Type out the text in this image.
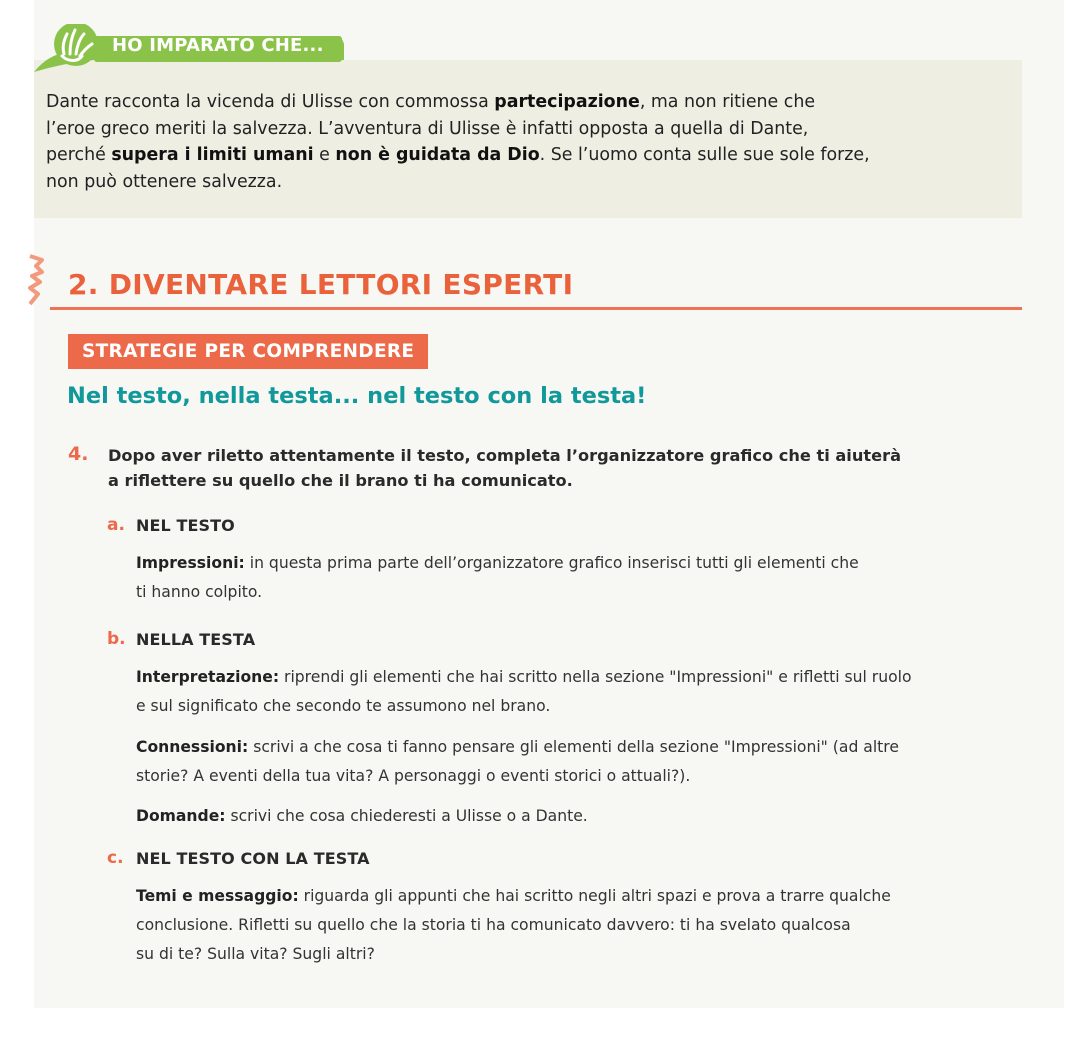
HO IMPARATO CHE...
Dante racconta la vicenda di Ulisse con commossa partecipazione, ma non ritiene che
l’eroe greco meriti la salvezza. L’avventura di Ulisse è infatti opposta a quella di Dante,
perché supera i limiti umani e non è guidata da Dio. Se l’uomo conta sulle sue sole forze,
non può ottenere salvezza.
2. DIVENTARE LETTORI ESPERTI
STRATEGIE PER COMPRENDERE
Nel testo, nella testa... nel testo con la testa!
4. Dopo aver riletto attentamente il testo, completa l’organizzatore grafico che ti aiuterà
a riflettere su quello che il brano ti ha comunicato.
a. NEL TESTO
Impressioni: in questa prima parte dell’organizzatore grafico inserisci tutti gli elementi che
ti hanno colpito.
b. NELLA TESTA
Interpretazione: riprendi gli elementi che hai scritto nella sezione "Impressioni" e rifletti sul ruolo
e sul significato che secondo te assumono nel brano.
Connessioni: scrivi a che cosa ti fanno pensare gli elementi della sezione "Impressioni" (ad altre
storie? A eventi della tua vita? A personaggi o eventi storici o attuali?).
Domande: scrivi che cosa chiederesti a Ulisse o a Dante.
c. NEL TESTO CON LA TESTA
Temi e messaggio: riguarda gli appunti che hai scritto negli altri spazi e prova a trarre qualche
conclusione. Rifletti su quello che la storia ti ha comunicato davvero: ti ha svelato qualcosa
su di te? Sulla vita? Sugli altri?
